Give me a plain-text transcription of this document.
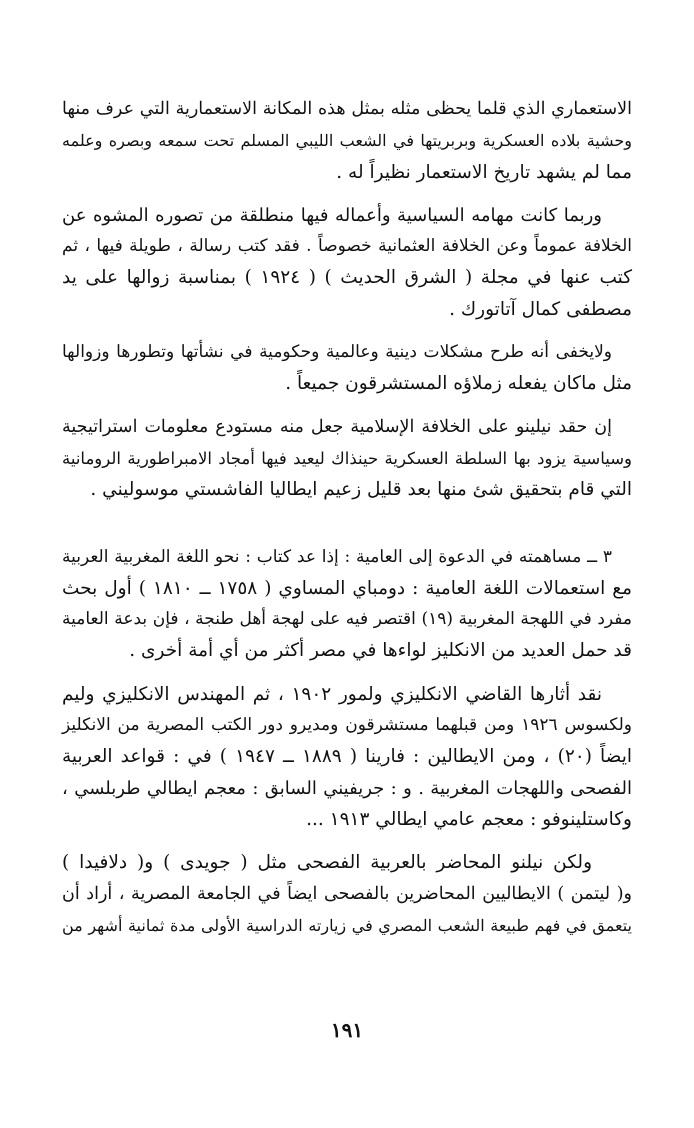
الاستعماري الذي قلما يحظى مثله بمثل هذه المكانة الاستعمارية التي عرف منها
وحشية بلاده العسكرية وبربريتها في الشعب الليبي المسلم تحت سمعه وبصره وعلمه
مما لم يشهد تاريخ الاستعمار نظيراً له .
وربما كانت مهامه السياسية وأعماله فيها منطلقة من تصوره المشوه عن
الخلافة عموماً وعن الخلافة العثمانية خصوصاً . فقد كتب رسالة ، طويلة فيها ، ثم
كتب عنها في مجلة ( الشرق الحديث ) ( ١٩٢٤ ) بمناسبة زوالها على يد
مصطفى كمال آتاتورك .
ولايخفى أنه طرح مشكلات دينية وعالمية وحكومية في نشأتها وتطورها وزوالها
مثل ماكان يفعله زملاؤه المستشرقون جميعاً .
إن حقد نيلينو على الخلافة الإسلامية جعل منه مستودع معلومات استراتيجية
وسياسية يزود بها السلطة العسكرية حينذاك ليعيد فيها أمجاد الامبراطورية الرومانية
التي قام بتحقيق شئ منها بعد قليل زعيم ايطاليا الفاشستي موسوليني .
٣ ــ مساهمته في الدعوة إلى العامية : إذا عد كتاب : نحو اللغة المغربية العربية
مع استعمالات اللغة العامية : دومباي المساوي ( ١٧٥٨ ــ ١٨١٠ ) أول بحث
مفرد في اللهجة المغربية (١٩) اقتصر فيه على لهجة أهل طنجة ، فإن بدعة العامية
قد حمل العديد من الانكليز لواءها في مصر أكثر من أي أمة أخرى .
نقد أثارها القاضي الانكليزي ولمور ١٩٠٢ ، ثم المهندس الانكليزي وليم
ولكسوس ١٩٢٦ ومن قبلهما مستشرقون ومديرو دور الكتب المصرية من الانكليز
ايضاً (٢٠) ، ومن الايطالين : فارينا ( ١٨٨٩ ــ ١٩٤٧ ) في : قواعد العربية
الفصحى واللهجات المغربية . و : جريفيني السابق : معجم ايطالي طربلسي ،
وكاستلينوفو : معجم عامي ايطالي ١٩١٣ ...
ولكن نيلنو المحاضر بالعربية الفصحى مثل ( جويدى ) و( دلافيدا )
و( ليتمن ) الايطاليين المحاضرين بالفصحى ايضاً في الجامعة المصرية ، أراد أن
يتعمق في فهم طبيعة الشعب المصري في زيارته الدراسية الأولى مدة ثمانية أشهر من
١٩١
